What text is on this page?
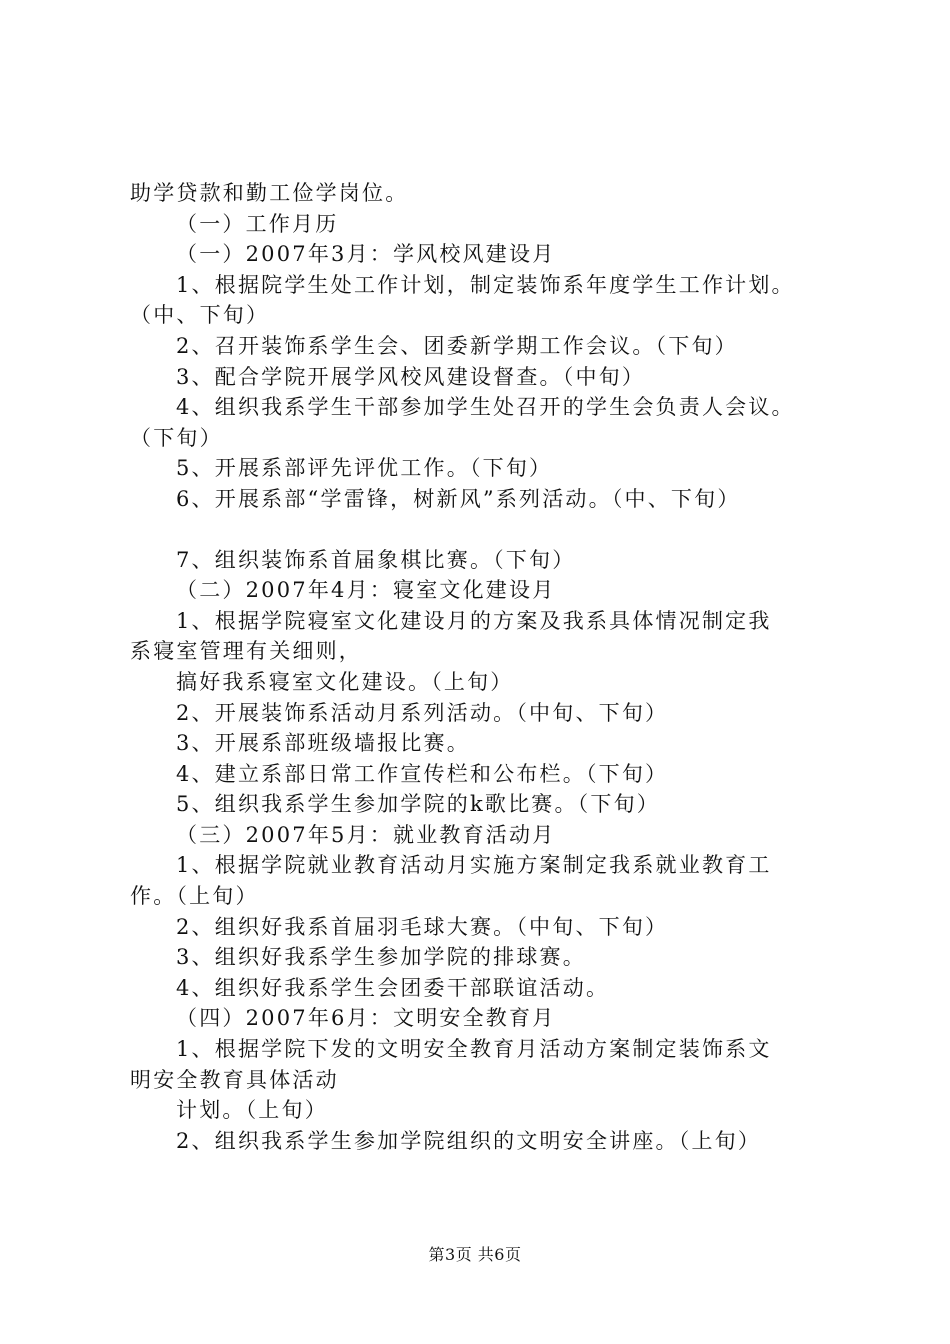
助学贷款和勤工俭学岗位。
（一）工作月历
（一）2007年3月：学风校风建设月
1、根据院学生处工作计划，制定装饰系年度学生工作计划。
（中、下旬）
2、召开装饰系学生会、团委新学期工作会议。（下旬）
3、配合学院开展学风校风建设督查。（中旬）
4、组织我系学生干部参加学生处召开的学生会负责人会议。
（下旬）
5、开展系部评先评优工作。（下旬）
6、开展系部“学雷锋，树新风”系列活动。（中、下旬）
7、组织装饰系首届象棋比赛。（下旬）
（二）2007年4月：寝室文化建设月
1、根据学院寝室文化建设月的方案及我系具体情况制定我
系寝室管理有关细则，
搞好我系寝室文化建设。（上旬）
2、开展装饰系活动月系列活动。（中旬、下旬）
3、开展系部班级墙报比赛。
4、建立系部日常工作宣传栏和公布栏。（下旬）
5、组织我系学生参加学院的k歌比赛。（下旬）
（三）2007年5月：就业教育活动月
1、根据学院就业教育活动月实施方案制定我系就业教育工
作。（上旬）
2、组织好我系首届羽毛球大赛。（中旬、下旬）
3、组织好我系学生参加学院的排球赛。
4、组织好我系学生会团委干部联谊活动。
（四）2007年6月：文明安全教育月
1、根据学院下发的文明安全教育月活动方案制定装饰系文
明安全教育具体活动
计划。（上旬）
2、组织我系学生参加学院组织的文明安全讲座。（上旬）
第3页 共6页
